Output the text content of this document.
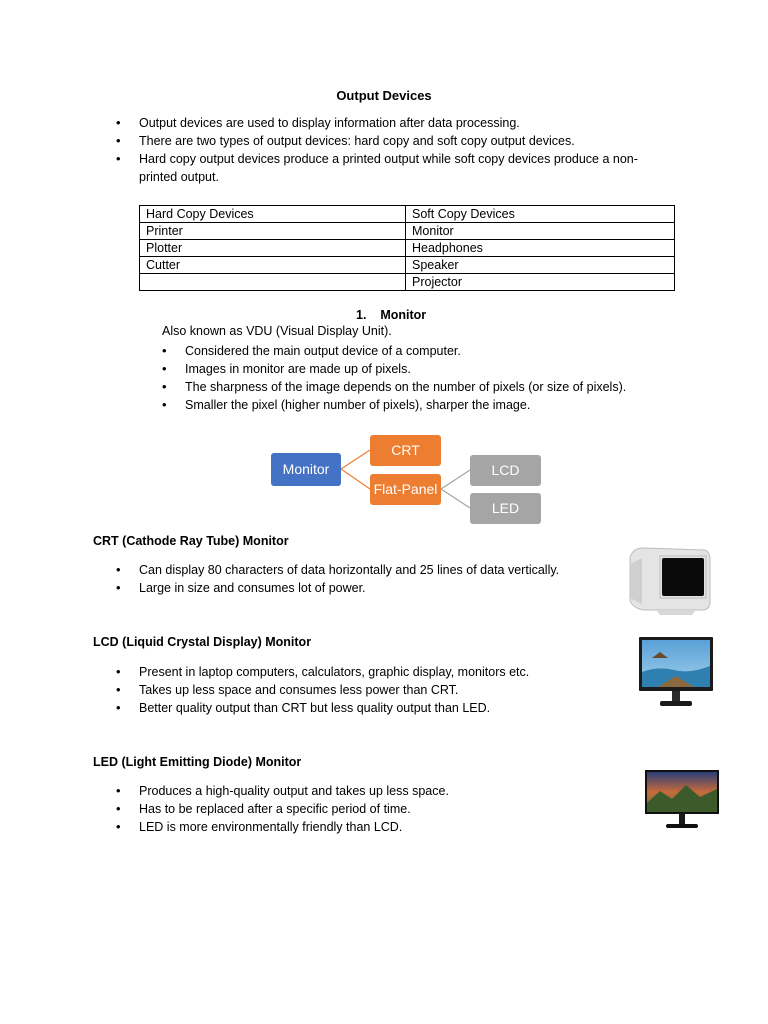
Output Devices
• Output devices are used to display information after data processing.
• There are two types of output devices: hard copy and soft copy output devices.
• Hard copy output devices produce a printed output while soft copy devices produce a non-printed output.
Hard Copy Devices	Soft Copy Devices
Printer	Monitor
Plotter	Headphones
Cutter	Speaker
	Projector
1. Monitor
Also known as VDU (Visual Display Unit).
• Considered the main output device of a computer.
• Images in monitor are made up of pixels.
• The sharpness of the image depends on the number of pixels (or size of pixels).
• Smaller the pixel (higher number of pixels), sharper the image.
Monitor
CRT
Flat-Panel
LCD
LED
CRT (Cathode Ray Tube) Monitor
• Can display 80 characters of data horizontally and 25 lines of data vertically.
• Large in size and consumes lot of power.
LCD (Liquid Crystal Display) Monitor
• Present in laptop computers, calculators, graphic display, monitors etc.
• Takes up less space and consumes less power than CRT.
• Better quality output than CRT but less quality output than LED.
LED (Light Emitting Diode) Monitor
• Produces a high-quality output and takes up less space.
• Has to be replaced after a specific period of time.
• LED is more environmentally friendly than LCD.
